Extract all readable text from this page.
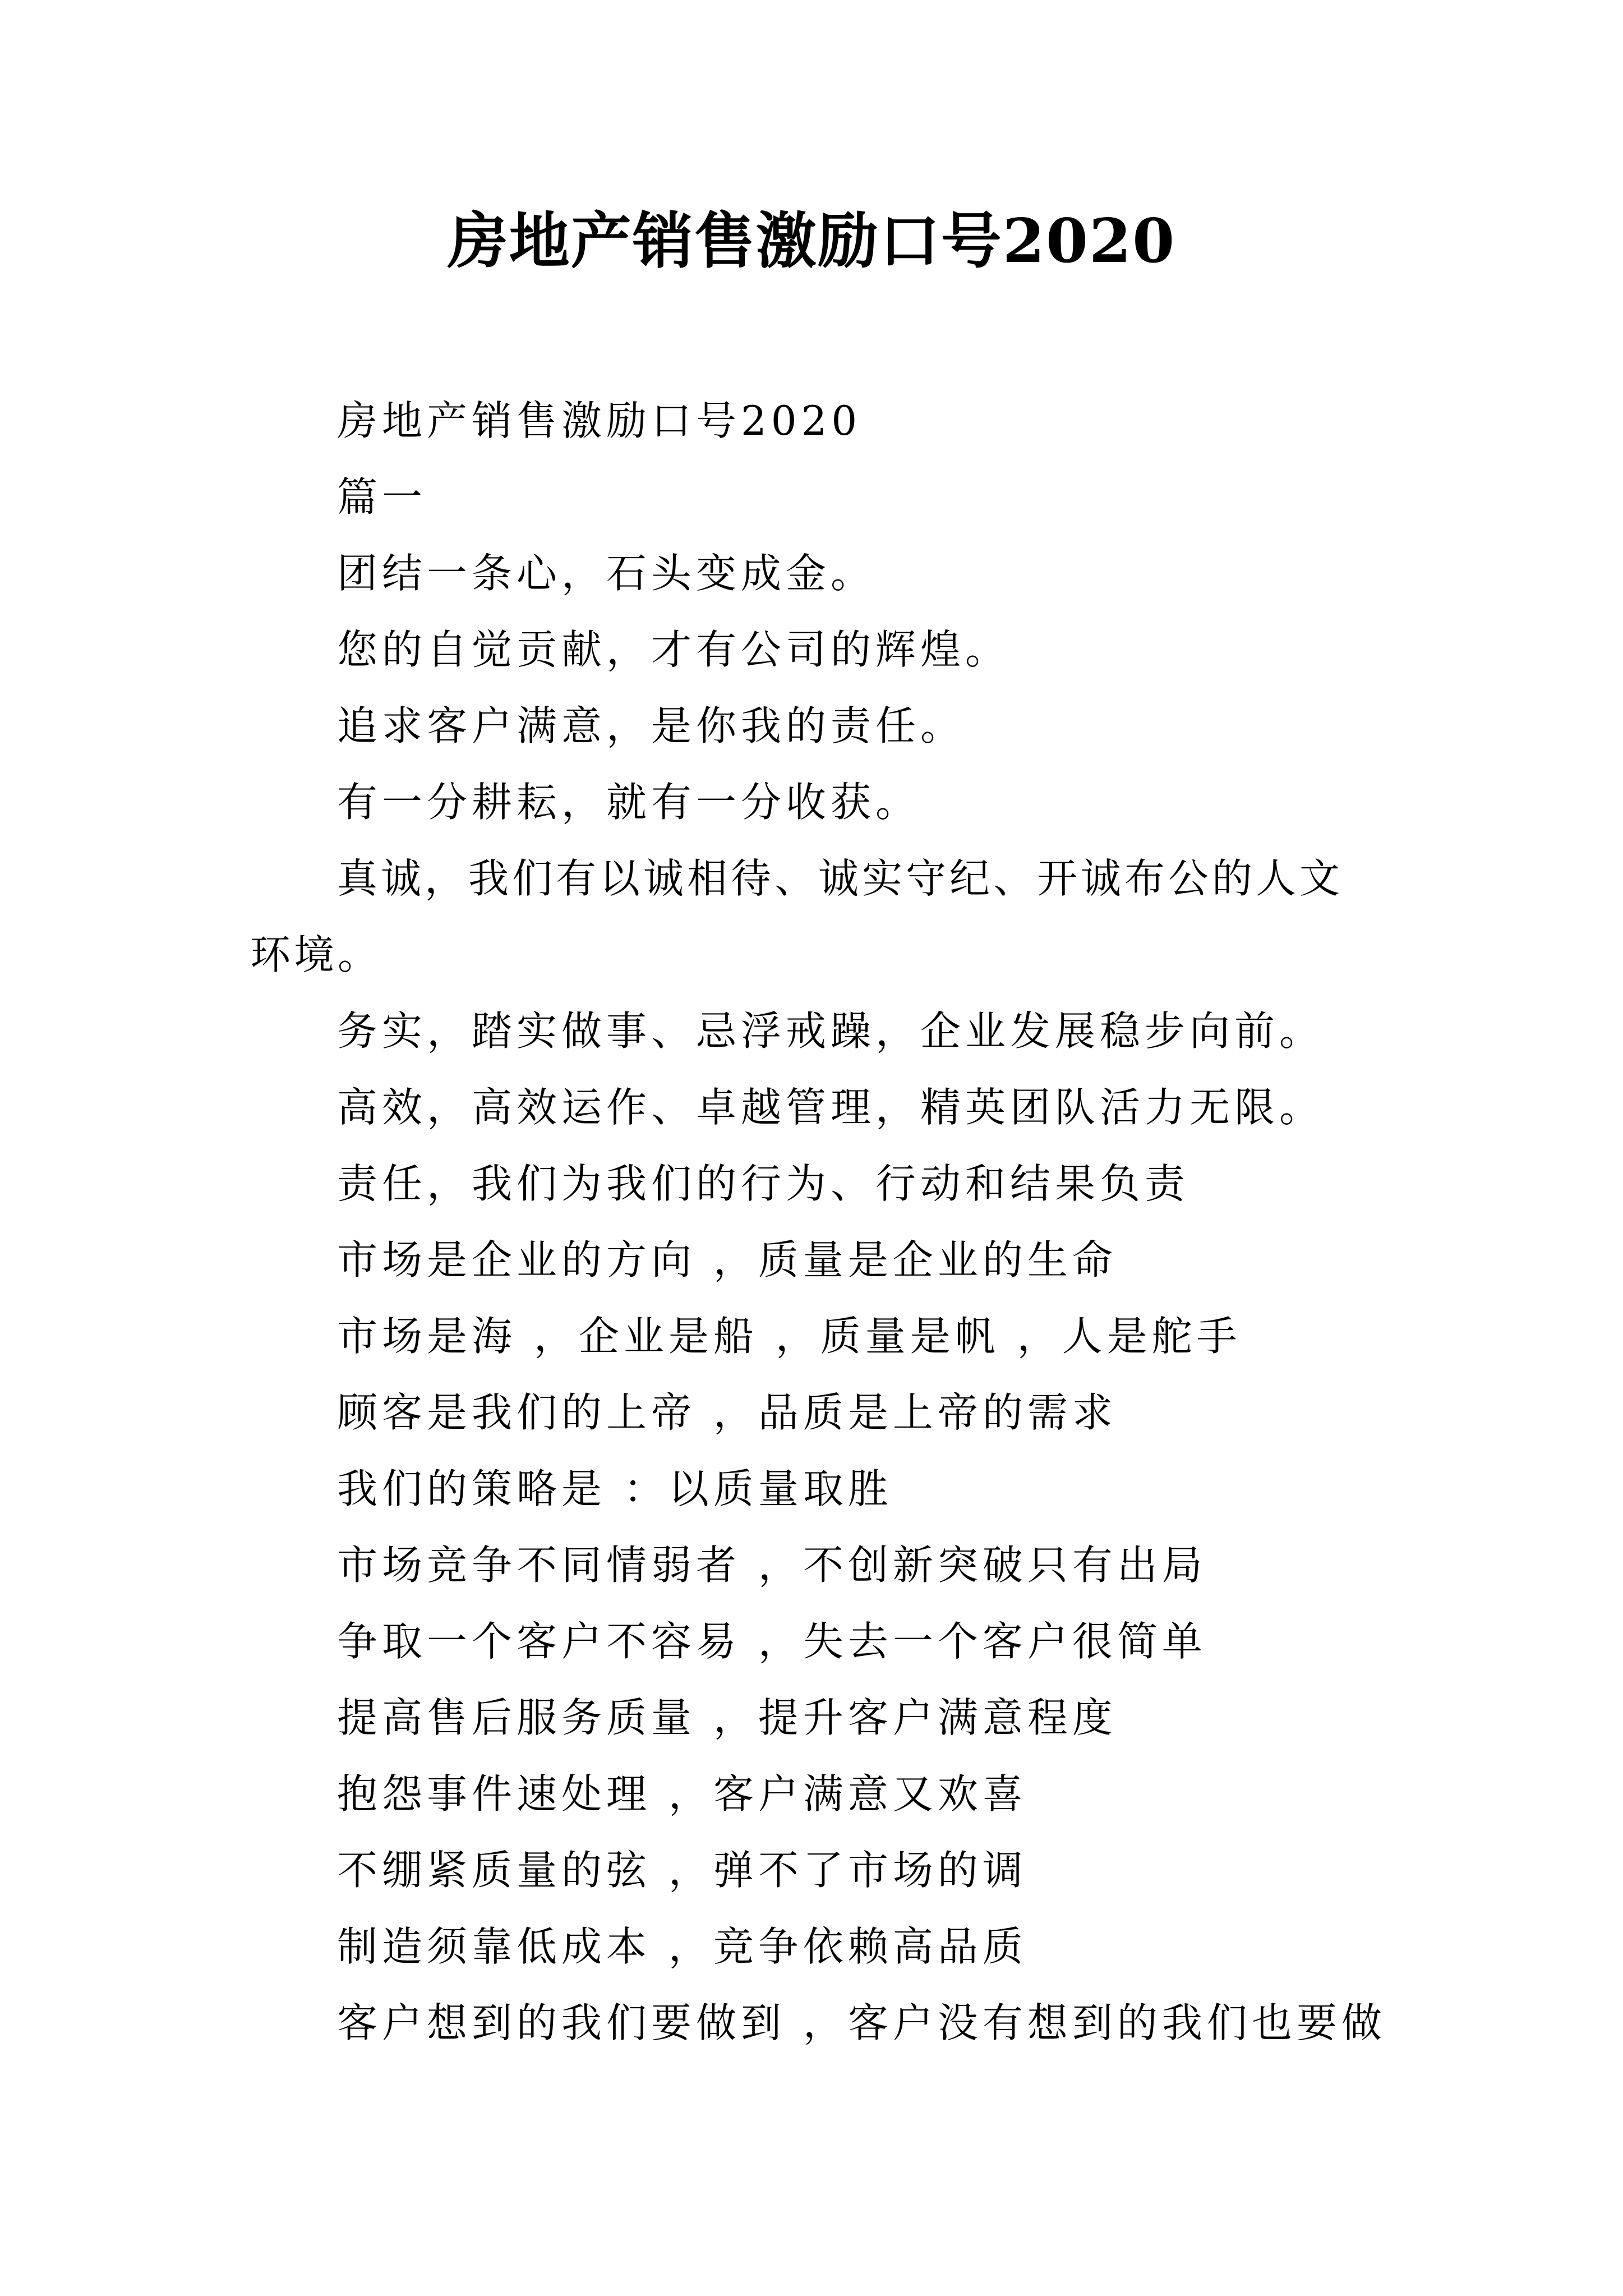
房地产销售激励口号2020
房地产销售激励口号2020
篇一
团结一条心，石头变成金。
您的自觉贡献，才有公司的辉煌。
追求客户满意，是你我的责任。
有一分耕耘，就有一分收获。
真诚，我们有以诚相待、诚实守纪、开诚布公的人文环境。
务实，踏实做事、忌浮戒躁，企业发展稳步向前。
高效，高效运作、卓越管理，精英团队活力无限。
责任，我们为我们的行为、行动和结果负责
市场是企业的方向 ，质量是企业的生命
市场是海 ，企业是船 ，质量是帆 ，人是舵手
顾客是我们的上帝 ，品质是上帝的需求
我们的策略是 ：以质量取胜
市场竞争不同情弱者 ，不创新突破只有出局
争取一个客户不容易 ，失去一个客户很简单
提高售后服务质量 ，提升客户满意程度
抱怨事件速处理 ，客户满意又欢喜
不绷紧质量的弦 ，弹不了市场的调
制造须靠低成本 ，竞争依赖高品质
客户想到的我们要做到 ，客户没有想到的我们也要做
